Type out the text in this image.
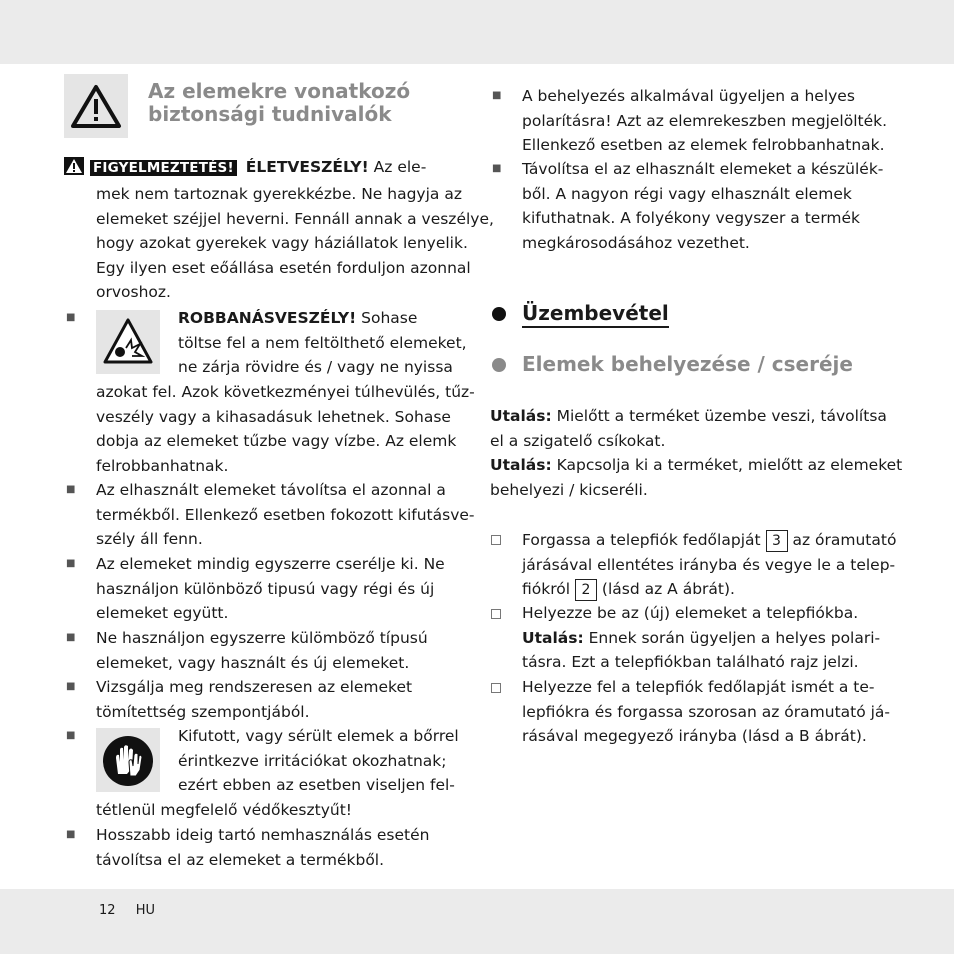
Az elemekre vonatkozó
biztonsági tudnivalók
FIGYELMEZTETÉS! ÉLETVESZÉLY! Az ele-
mek nem tartoznak gyerekkézbe. Ne hagyja az
elemeket széjjel heverni. Fennáll annak a veszélye,
hogy azokat gyerekek vagy háziállatok lenyelik.
Egy ilyen eset eőállása esetén forduljon azonnal
orvoshoz.
■	ROBBANÁSVESZÉLY! Sohase
töltse fel a nem feltölthető elemeket,
ne zárja rövidre és / vagy ne nyissa
azokat fel. Azok következményei túlhevülés, tűz-
veszély vagy a kihasadásuk lehetnek. Sohase
dobja az elemeket tűzbe vagy vízbe. Az elemk
felrobbanhatnak.
■ Az elhasznált elemeket távolítsa el azonnal a
termékből. Ellenkező esetben fokozott kifutásve-
szély áll fenn.
■ Az elemeket mindig egyszerre cserélje ki. Ne
használjon különböző tipusú vagy régi és új
elemeket együtt.
■ Ne használjon egyszerre külömböző típusú
elemeket, vagy használt és új elemeket.
■ Vizsgálja meg rendszeresen az elemeket
tömítettség szempontjából.
■	Kifutott, vagy sérült elemek a bőrrel
érintkezve irritációkat okozhatnak;
ezért ebben az esetben viseljen fel-
tétlenül megfelelő védőkesztyűt!
■ Hosszabb ideig tartó nemhasználás esetén
távolítsa el az elemeket a termékből.
■ A behelyezés alkalmával ügyeljen a helyes
polarításra! Azt az elemrekeszben megjelölték.
Ellenkező esetben az elemek felrobbanhatnak.
■ Távolítsa el az elhasznált elemeket a készülék-
ből. A nagyon régi vagy elhasznált elemek
kifuthatnak. A folyékony vegyszer a termék
megkárosodásához vezethet.
Üzembevétel
Elemek behelyezése / cseréje
Utalás: Mielőtt a terméket üzembe veszi, távolítsa
el a szigatelő csíkokat.
Utalás: Kapcsolja ki a terméket, mielőtt az elemeket
behelyezi / kicseréli.
Forgassa a telepfiók fedőlapját 3 az óramutató
járásával ellentétes irányba és vegye le a telep-
fiókról 2 (lásd az A ábrát).
Helyezze be az (új) elemeket a telepfiókba.
Utalás: Ennek során ügyeljen a helyes polari-
tásra. Ezt a telepfiókban található rajz jelzi.
Helyezze fel a telepfiók fedőlapját ismét a te-
lepfiókra és forgassa szorosan az óramutató já-
rásával megegyező irányba (lásd a B ábrát).
12 HU
